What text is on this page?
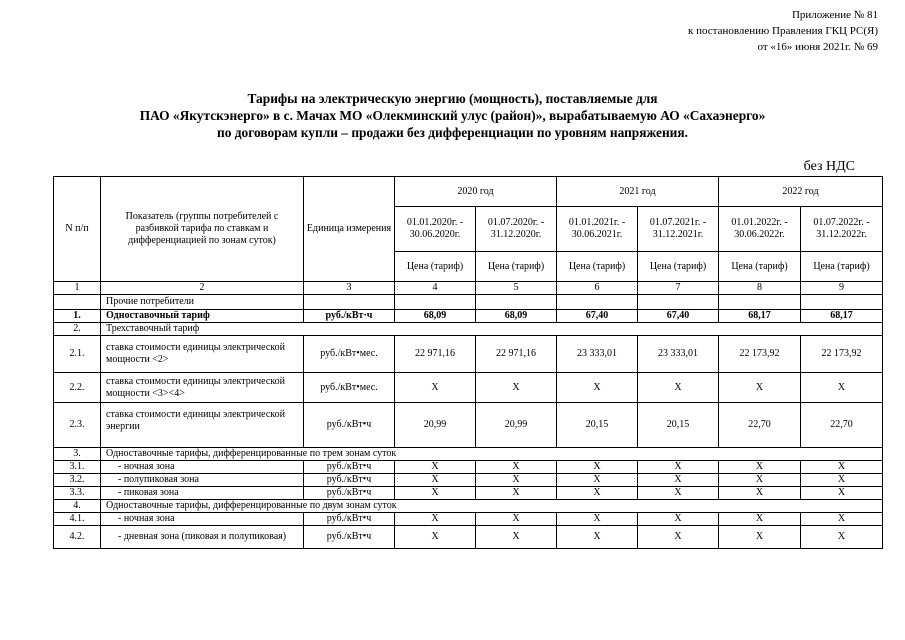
Приложение № 81
к постановлению Правления ГКЦ РС(Я)
от «16» июня 2021г. № 69
Тарифы на электрическую энергию (мощность), поставляемые для
ПАО «Якутскэнерго» в с. Мачах МО «Олекминский улус (район)», вырабатываемую АО «Сахаэнерго»
по договорам купли – продажи без дифференциации по уровням напряжения.
без НДС
N п/п	Показатель (группы потребителей с разбивкой тарифа по ставкам и дифференциацией по зонам суток)	Единица измерения	2020 год		2021 год		2022 год	
			01.01.2020г. - 30.06.2020г.	01.07.2020г. - 31.12.2020г.	01.01.2021г. - 30.06.2021г.	01.07.2021г. - 31.12.2021г.	01.01.2022г. - 30.06.2022г.	01.07.2022г. - 31.12.2022г.
			Цена (тариф)	Цена (тариф)	Цена (тариф)	Цена (тариф)	Цена (тариф)	Цена (тариф)
1	2	3	4	5	6	7	8	9
	Прочие потребители							
1.	Одноставочный тариф	руб./кВт·ч	68,09	68,09	67,40	67,40	68,17	68,17
2.	Трехставочный тариф							
2.1.	ставка стоимости единицы электрической мощности <2>	руб./кВт•мес.	22 971,16	22 971,16	23 333,01	23 333,01	22 173,92	22 173,92
2.2.	ставка стоимости единицы электрической мощности <3><4>	руб./кВт•мес.	X	X	X	X	X	X
2.3.	ставка стоимости единицы электрической энергии	руб./кВт•ч	20,99	20,99	20,15	20,15	22,70	22,70
3.	Одноставочные тарифы, дифференцированные по трем зонам суток							
3.1.	- ночная зона	руб./кВт•ч	X	X	X	X	X	X
3.2.	- полупиковая зона	руб./кВт•ч	X	X	X	X	X	X
3.3.	- пиковая зона	руб./кВт•ч	X	X	X	X	X	X
4.	Одноставочные тарифы, дифференцированные по двум зонам суток							
4.1.	- ночная зона	руб./кВт•ч	X	X	X	X	X	X
4.2.	- дневная зона (пиковая и полупиковая)	руб./кВт•ч	X	X	X	X	X	X
